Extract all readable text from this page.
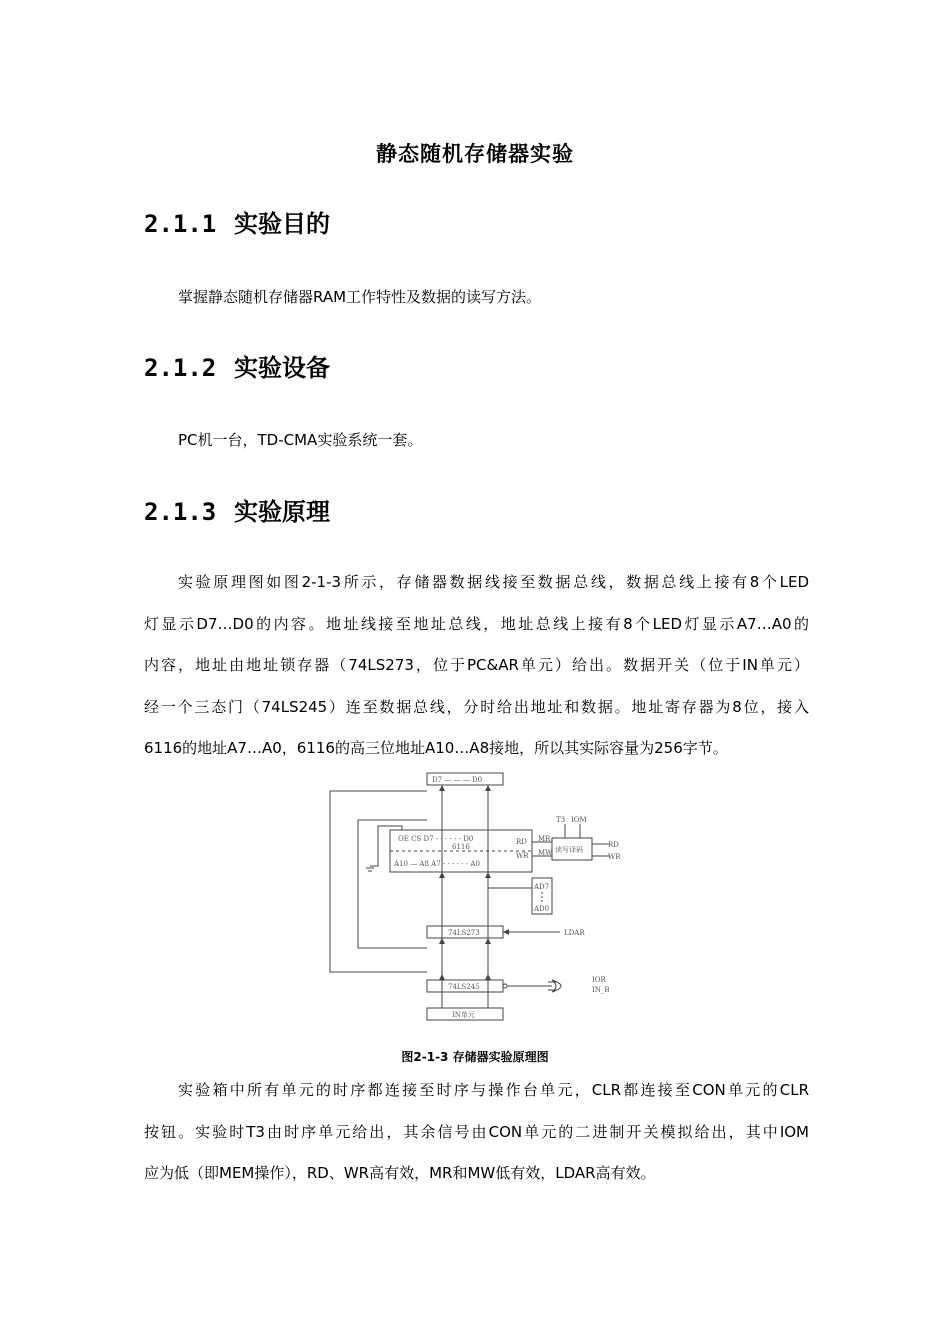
静态随机存储器实验
2.1.1 实验目的
掌握静态随机存储器RAM工作特性及数据的读写方法。
2.1.2 实验设备
PC机一台，TD-CMA实验系统一套。
2.1.3 实验原理
实验原理图如图2-1-3所示，存储器数据线接至数据总线，数据总线上接有8个LED
灯显示D7…D0的内容。地址线接至地址总线，地址总线上接有8个LED灯显示A7…A0的
内容，地址由地址锁存器（74LS273，位于PC&AR单元）给出。数据开关（位于IN单元）
经一个三态门（74LS245）连至数据总线，分时给出地址和数据。地址寄存器为8位，接入
6116的地址A7…A0，6116的高三位地址A10…A8接地，所以其实际容量为256字节。
D7 — — — D0
OE CS D7 - - - - - - D0
6116
A10 — A8 A7 - - - - - - A0
RD
WR
MR
MW
T3 IOM
读写译码
RD
WR
AD7
AD0
74LS273	LDAR
74LS245
IOR
IN_B
IN单元
图2-1-3 存储器实验原理图
实验箱中所有单元的时序都连接至时序与操作台单元，CLR都连接至CON单元的CLR
按钮。实验时T3由时序单元给出，其余信号由CON单元的二进制开关模拟给出，其中IOM
应为低（即MEM操作），RD、WR高有效，MR和MW低有效，LDAR高有效。
